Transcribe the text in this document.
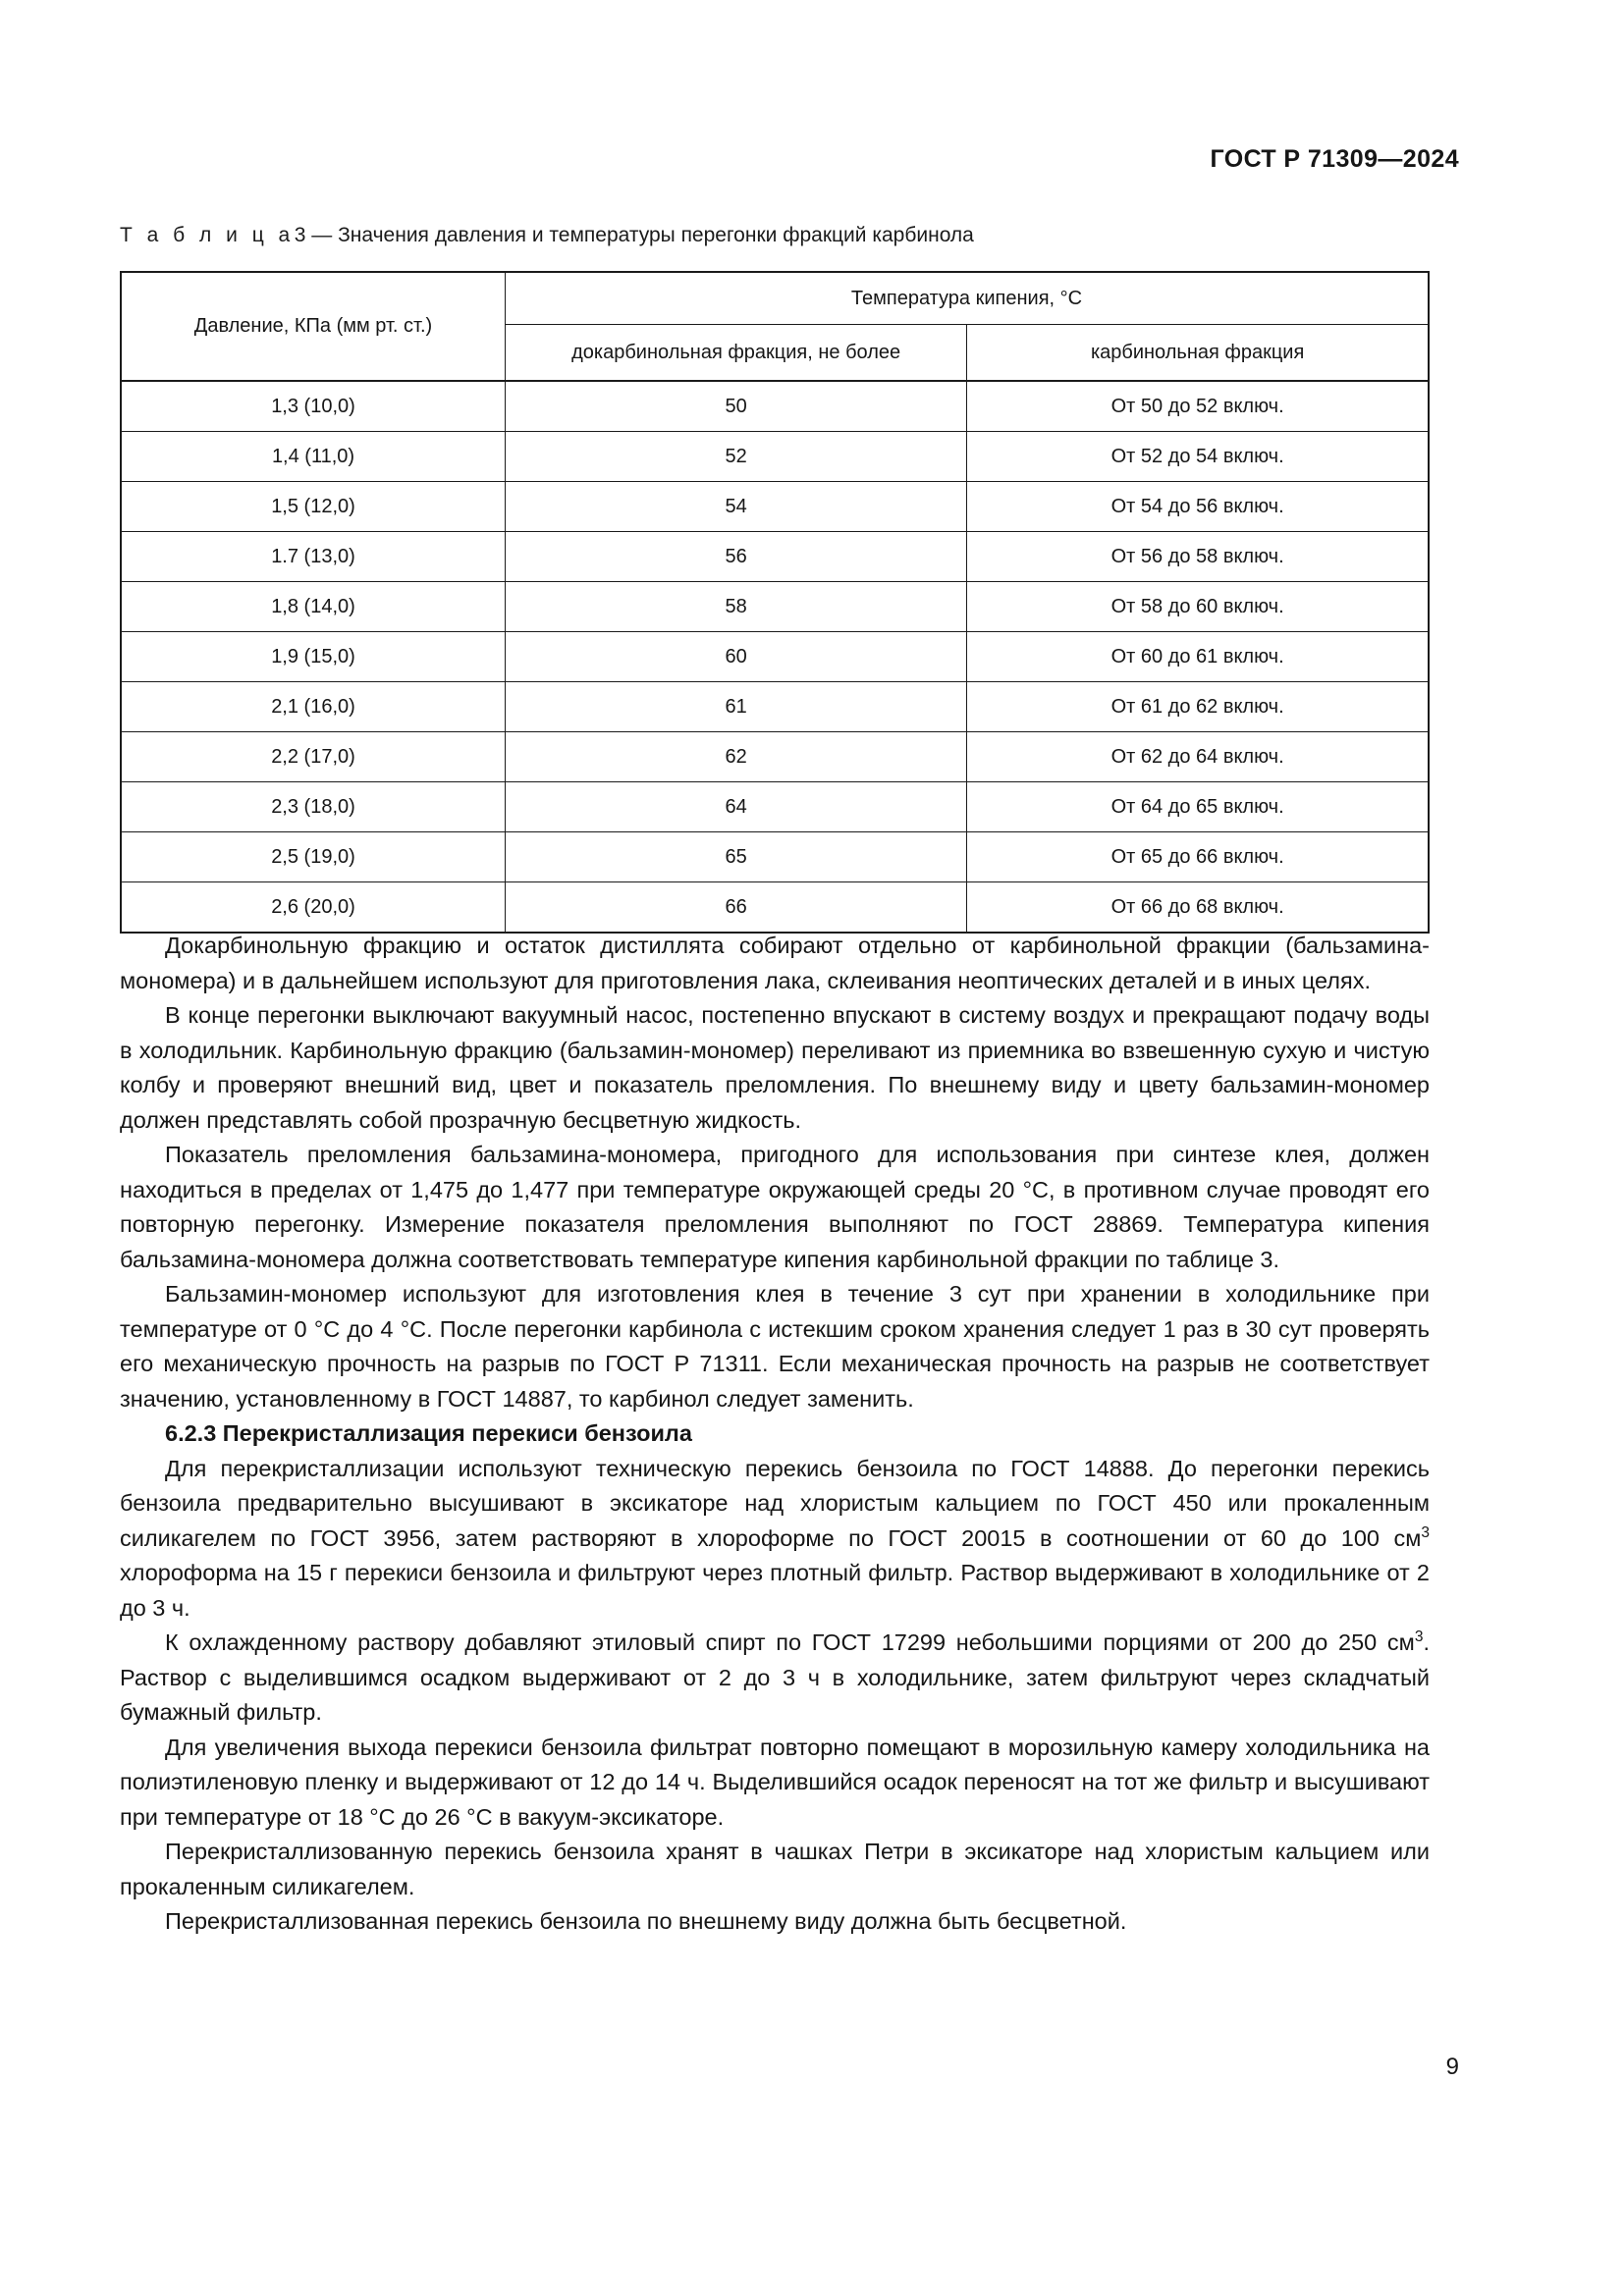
ГОСТ Р 71309—2024
Т а б л и ц а3 — Значения давления и температуры перегонки фракций карбинола
Давление, КПа (мм рт. ст.)	Температура кипения, °C	
	докарбинольная фракция, не более	карбинольная фракция
1,3 (10,0)	50	От 50 до 52 включ.
1,4 (11,0)	52	От 52 до 54 включ.
1,5 (12,0)	54	От 54 до 56 включ.
1.7 (13,0)	56	От 56 до 58 включ.
1,8 (14,0)	58	От 58 до 60 включ.
1,9 (15,0)	60	От 60 до 61 включ.
2,1 (16,0)	61	От 61 до 62 включ.
2,2 (17,0)	62	От 62 до 64 включ.
2,3 (18,0)	64	От 64 до 65 включ.
2,5 (19,0)	65	От 65 до 66 включ.
2,6 (20,0)	66	От 66 до 68 включ.

Докарбинольную фракцию и остаток дистиллята собирают отдельно от карбинольной фракции (бальзамина-мономера) и в дальнейшем используют для приготовления лака, склеивания неоптических деталей и в иных целях.

В конце перегонки выключают вакуумный насос, постепенно впускают в систему воздух и прекращают подачу воды в холодильник. Карбинольную фракцию (бальзамин-мономер) переливают из приемника во взвешенную сухую и чистую колбу и проверяют внешний вид, цвет и показатель преломления. По внешнему виду и цвету бальзамин-мономер должен представлять собой прозрачную бесцветную жидкость.

Показатель преломления бальзамина-мономера, пригодного для использования при синтезе клея, должен находиться в пределах от 1,475 до 1,477 при температуре окружающей среды 20 °C, в противном случае проводят его повторную перегонку. Измерение показателя преломления выполняют по ГОСТ 28869. Температура кипения бальзамина-мономера должна соответствовать температуре кипения карбинольной фракции по таблице 3.

Бальзамин-мономер используют для изготовления клея в течение 3 сут при хранении в холодильнике при температуре от 0 °C до 4 °C. После перегонки карбинола с истекшим сроком хранения следует 1 раз в 30 сут проверять его механическую прочность на разрыв по ГОСТ Р 71311. Если механическая прочность на разрыв не соответствует значению, установленному в ГОСТ 14887, то карбинол следует заменить.

6.2.3 Перекристаллизация перекиси бензоила

Для перекристаллизации используют техническую перекись бензоила по ГОСТ 14888. До перегонки перекись бензоила предварительно высушивают в эксикаторе над хлористым кальцием по ГОСТ 450 или прокаленным силикагелем по ГОСТ 3956, затем растворяют в хлороформе по ГОСТ 20015 в соотношении от 60 до 100 $см^3$ хлороформа на 15 г перекиси бензоила и фильтруют через плотный фильтр. Раствор выдерживают в холодильнике от 2 до 3 ч.

К охлажденному раствору добавляют этиловый спирт по ГОСТ 17299 небольшими порциями от 200 до 250 $см^3$. Раствор с выделившимся осадком выдерживают от 2 до 3 ч в холодильнике, затем фильтруют через складчатый бумажный фильтр.

Для увеличения выхода перекиси бензоила фильтрат повторно помещают в морозильную камеру холодильника на полиэтиленовую пленку и выдерживают от 12 до 14 ч. Выделившийся осадок переносят на тот же фильтр и высушивают при температуре от 18 °C до 26 °C в вакуум-эксикаторе.

Перекристаллизованную перекись бензоила хранят в чашках Петри в эксикаторе над хлористым кальцием или прокаленным силикагелем.

Перекристаллизованная перекись бензоила по внешнему виду должна быть бесцветной.

9
